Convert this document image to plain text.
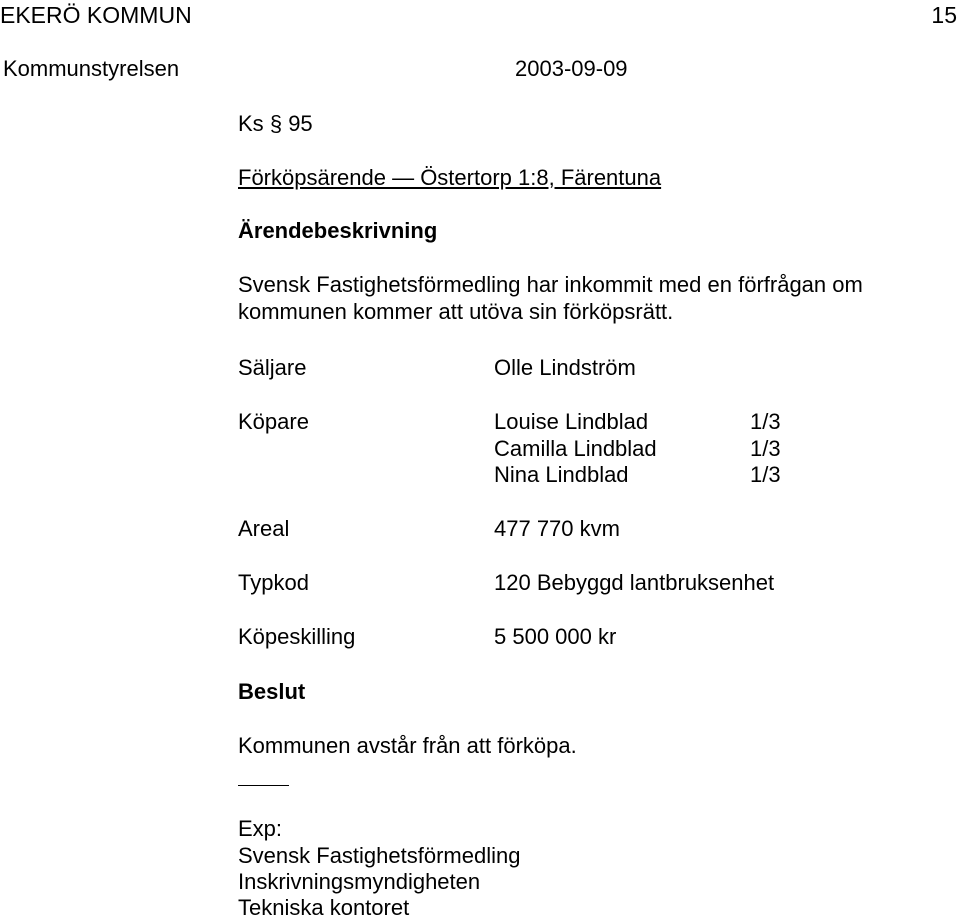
EKERÖ KOMMUN	15
Kommunstyrelsen	2003-09-09
Ks § 95
Förköpsärende — Östertorp 1:8, Färentuna
Ärendebeskrivning
Svensk Fastighetsförmedling har inkommit med en förfrågan om
kommunen kommer att utöva sin förköpsrätt.
Säljare	Olle Lindström
Köpare	Louise Lindblad	1/3
Camilla Lindblad	1/3
Nina Lindblad	1/3
Areal	477 770 kvm
Typkod	120 Bebyggd lantbruksenhet
Köpeskilling	5 500 000 kr
Beslut
Kommunen avstår från att förköpa.
Exp:
Svensk Fastighetsförmedling
Inskrivningsmyndigheten
Tekniska kontoret
